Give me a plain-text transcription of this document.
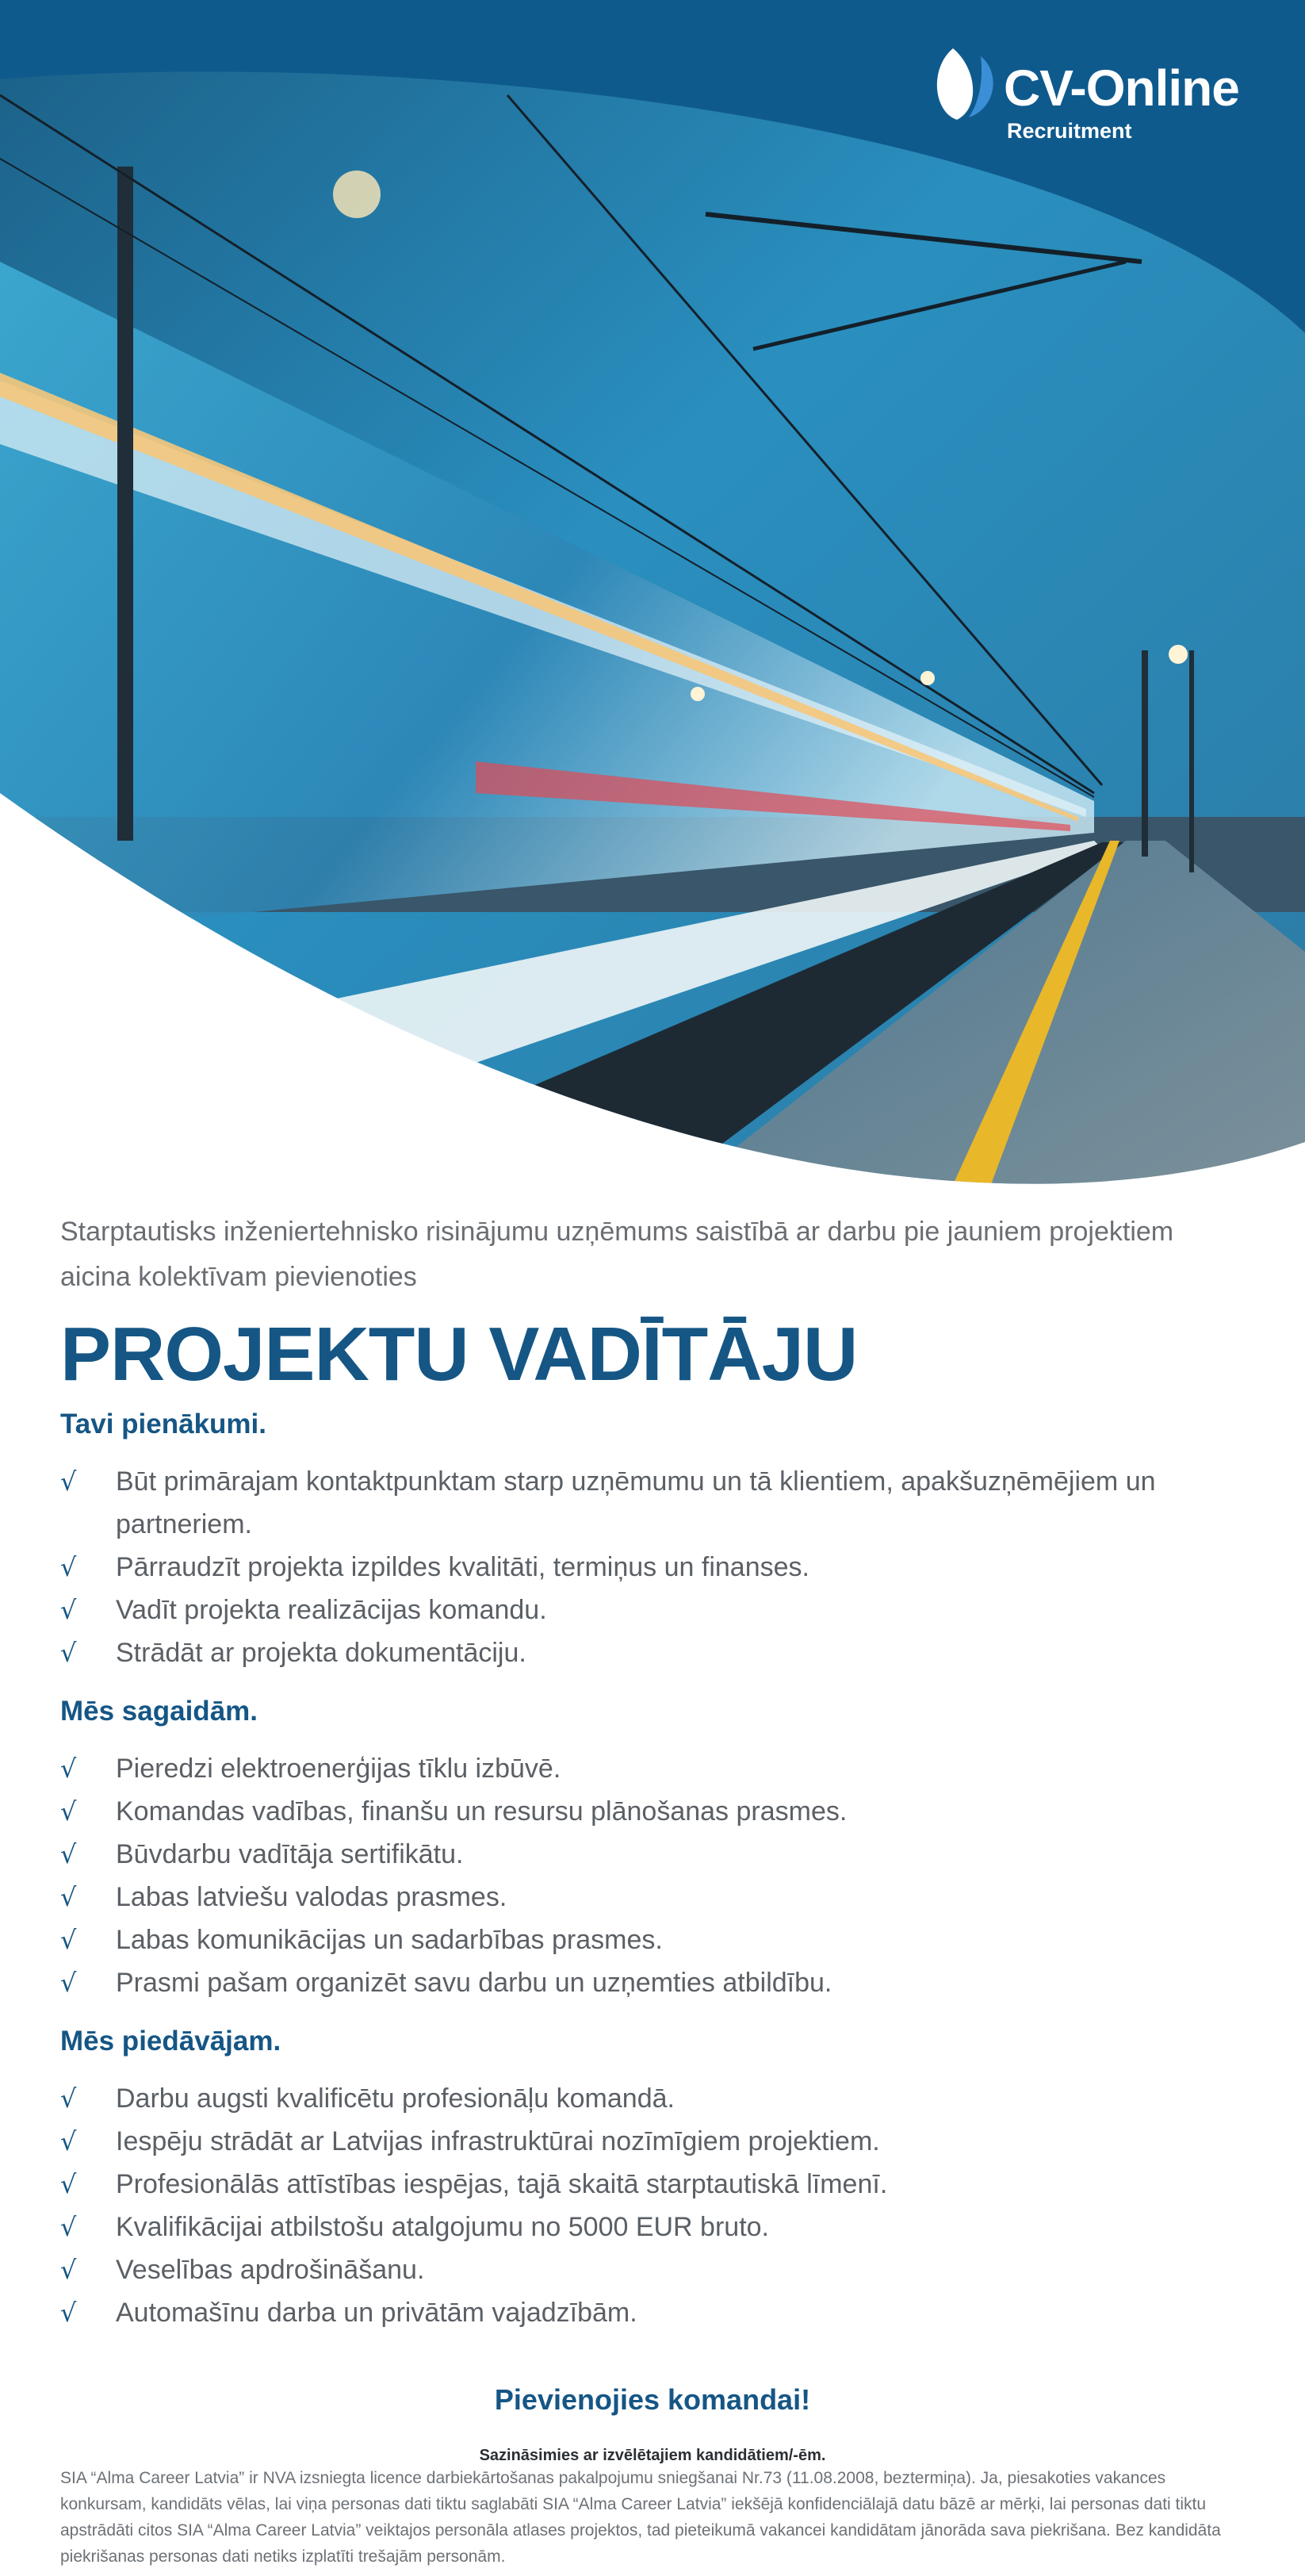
CV-Online
Recruitment

Starptautisks inženiertehnisko risinājumu uzņēmums saistībā ar darbu pie jauniem projektiem aicina kolektīvam pievienoties

PROJEKTU VADĪTĀJU
Tavi pienākumi.
√ Būt primārajam kontaktpunktam starp uzņēmumu un tā klientiem, apakšuzņēmējiem un partneriem.
√ Pārraudzīt projekta izpildes kvalitāti, termiņus un finanses.
√ Vadīt projekta realizācijas komandu.
√ Strādāt ar projekta dokumentāciju.
Mēs sagaidām.
√ Pieredzi elektroenerģijas tīklu izbūvē.
√ Komandas vadības, finanšu un resursu plānošanas prasmes.
√ Būvdarbu vadītāja sertifikātu.
√ Labas latviešu valodas prasmes.
√ Labas komunikācijas un sadarbības prasmes.
√ Prasmi pašam organizēt savu darbu un uzņemties atbildību.
Mēs piedāvājam.
√ Darbu augsti kvalificētu profesionāļu komandā.
√ Iespēju strādāt ar Latvijas infrastruktūrai nozīmīgiem projektiem.
√ Profesionālās attīstības iespējas, tajā skaitā starptautiskā līmenī.
√ Kvalifikācijai atbilstošu atalgojumu no 5000 EUR bruto.
√ Veselības apdrošināšanu.
√ Automašīnu darba un privātām vajadzībām.
Pievienojies komandai!
Sazināsimies ar izvēlētajiem kandidātiem/-ēm.

SIA “Alma Career Latvia” ir NVA izsniegta licence darbiekārtošanas pakalpojumu sniegšanai Nr.73 (11.08.2008, beztermiņa). Ja, piesakoties vakances konkursam, kandidāts vēlas, lai viņa personas dati tiktu saglabāti SIA “Alma Career Latvia” iekšējā konfidenciālajā datu bāzē ar mērķi, lai personas dati tiktu apstrādāti citos SIA “Alma Career Latvia” veiktajos personāla atlases projektos, tad pieteikumā vakancei kandidātam jānorāda sava piekrišana. Bez kandidāta piekrišanas personas dati netiks izplatīti trešajām personām.
